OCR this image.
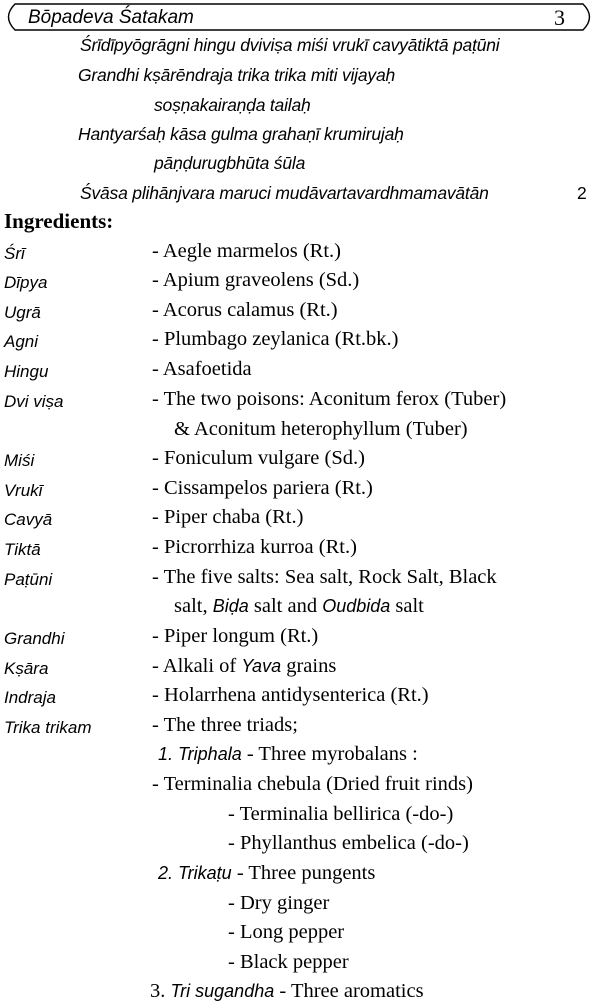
Bōpadeva Śatakam	3
Śrīdīpyōgrāgni hingu dviviṣa miśi vrukī cavyātiktā paṭūni
Grandhi kṣārēndraja trika trika miti vijayaḥ
soṣṇakairaṇḍa tailaḥ
Hantyarśaḥ kāsa gulma grahaṇī krumirujaḥ
pāṇḍurugbhūta śūla
Śvāsa plihānjvara maruci mudāvartavardhmamavātān	2
Ingredients:
Śrī	- Aegle marmelos (Rt.)
Dīpya	- Apium graveolens (Sd.)
Ugrā	- Acorus calamus (Rt.)
Agni	- Plumbago zeylanica (Rt.bk.)
Hingu	- Asafoetida
Dvi viṣa	- The two poisons: Aconitum ferox (Tuber)
& Aconitum heterophyllum (Tuber)
Miśi	- Foniculum vulgare (Sd.)
Vrukī	- Cissampelos pariera (Rt.)
Cavyā	- Piper chaba (Rt.)
Tiktā	- Picrorrhiza kurroa (Rt.)
Paṭūni	- The five salts: Sea salt, Rock Salt, Black
salt, Biḍa salt and Oudbida salt
Grandhi	- Piper longum (Rt.)
Kṣāra	- Alkali of Yava grains
Indraja	- Holarrhena antidysenterica (Rt.)
Trika trikam	- The three triads;
1. Triphala - Three myrobalans :
- Terminalia chebula (Dried fruit rinds)
- Terminalia bellirica (-do-)
- Phyllanthus embelica (-do-)
2. Trikaṭu - Three pungents
- Dry ginger
- Long pepper
- Black pepper
3. Tri sugandha - Three aromatics
